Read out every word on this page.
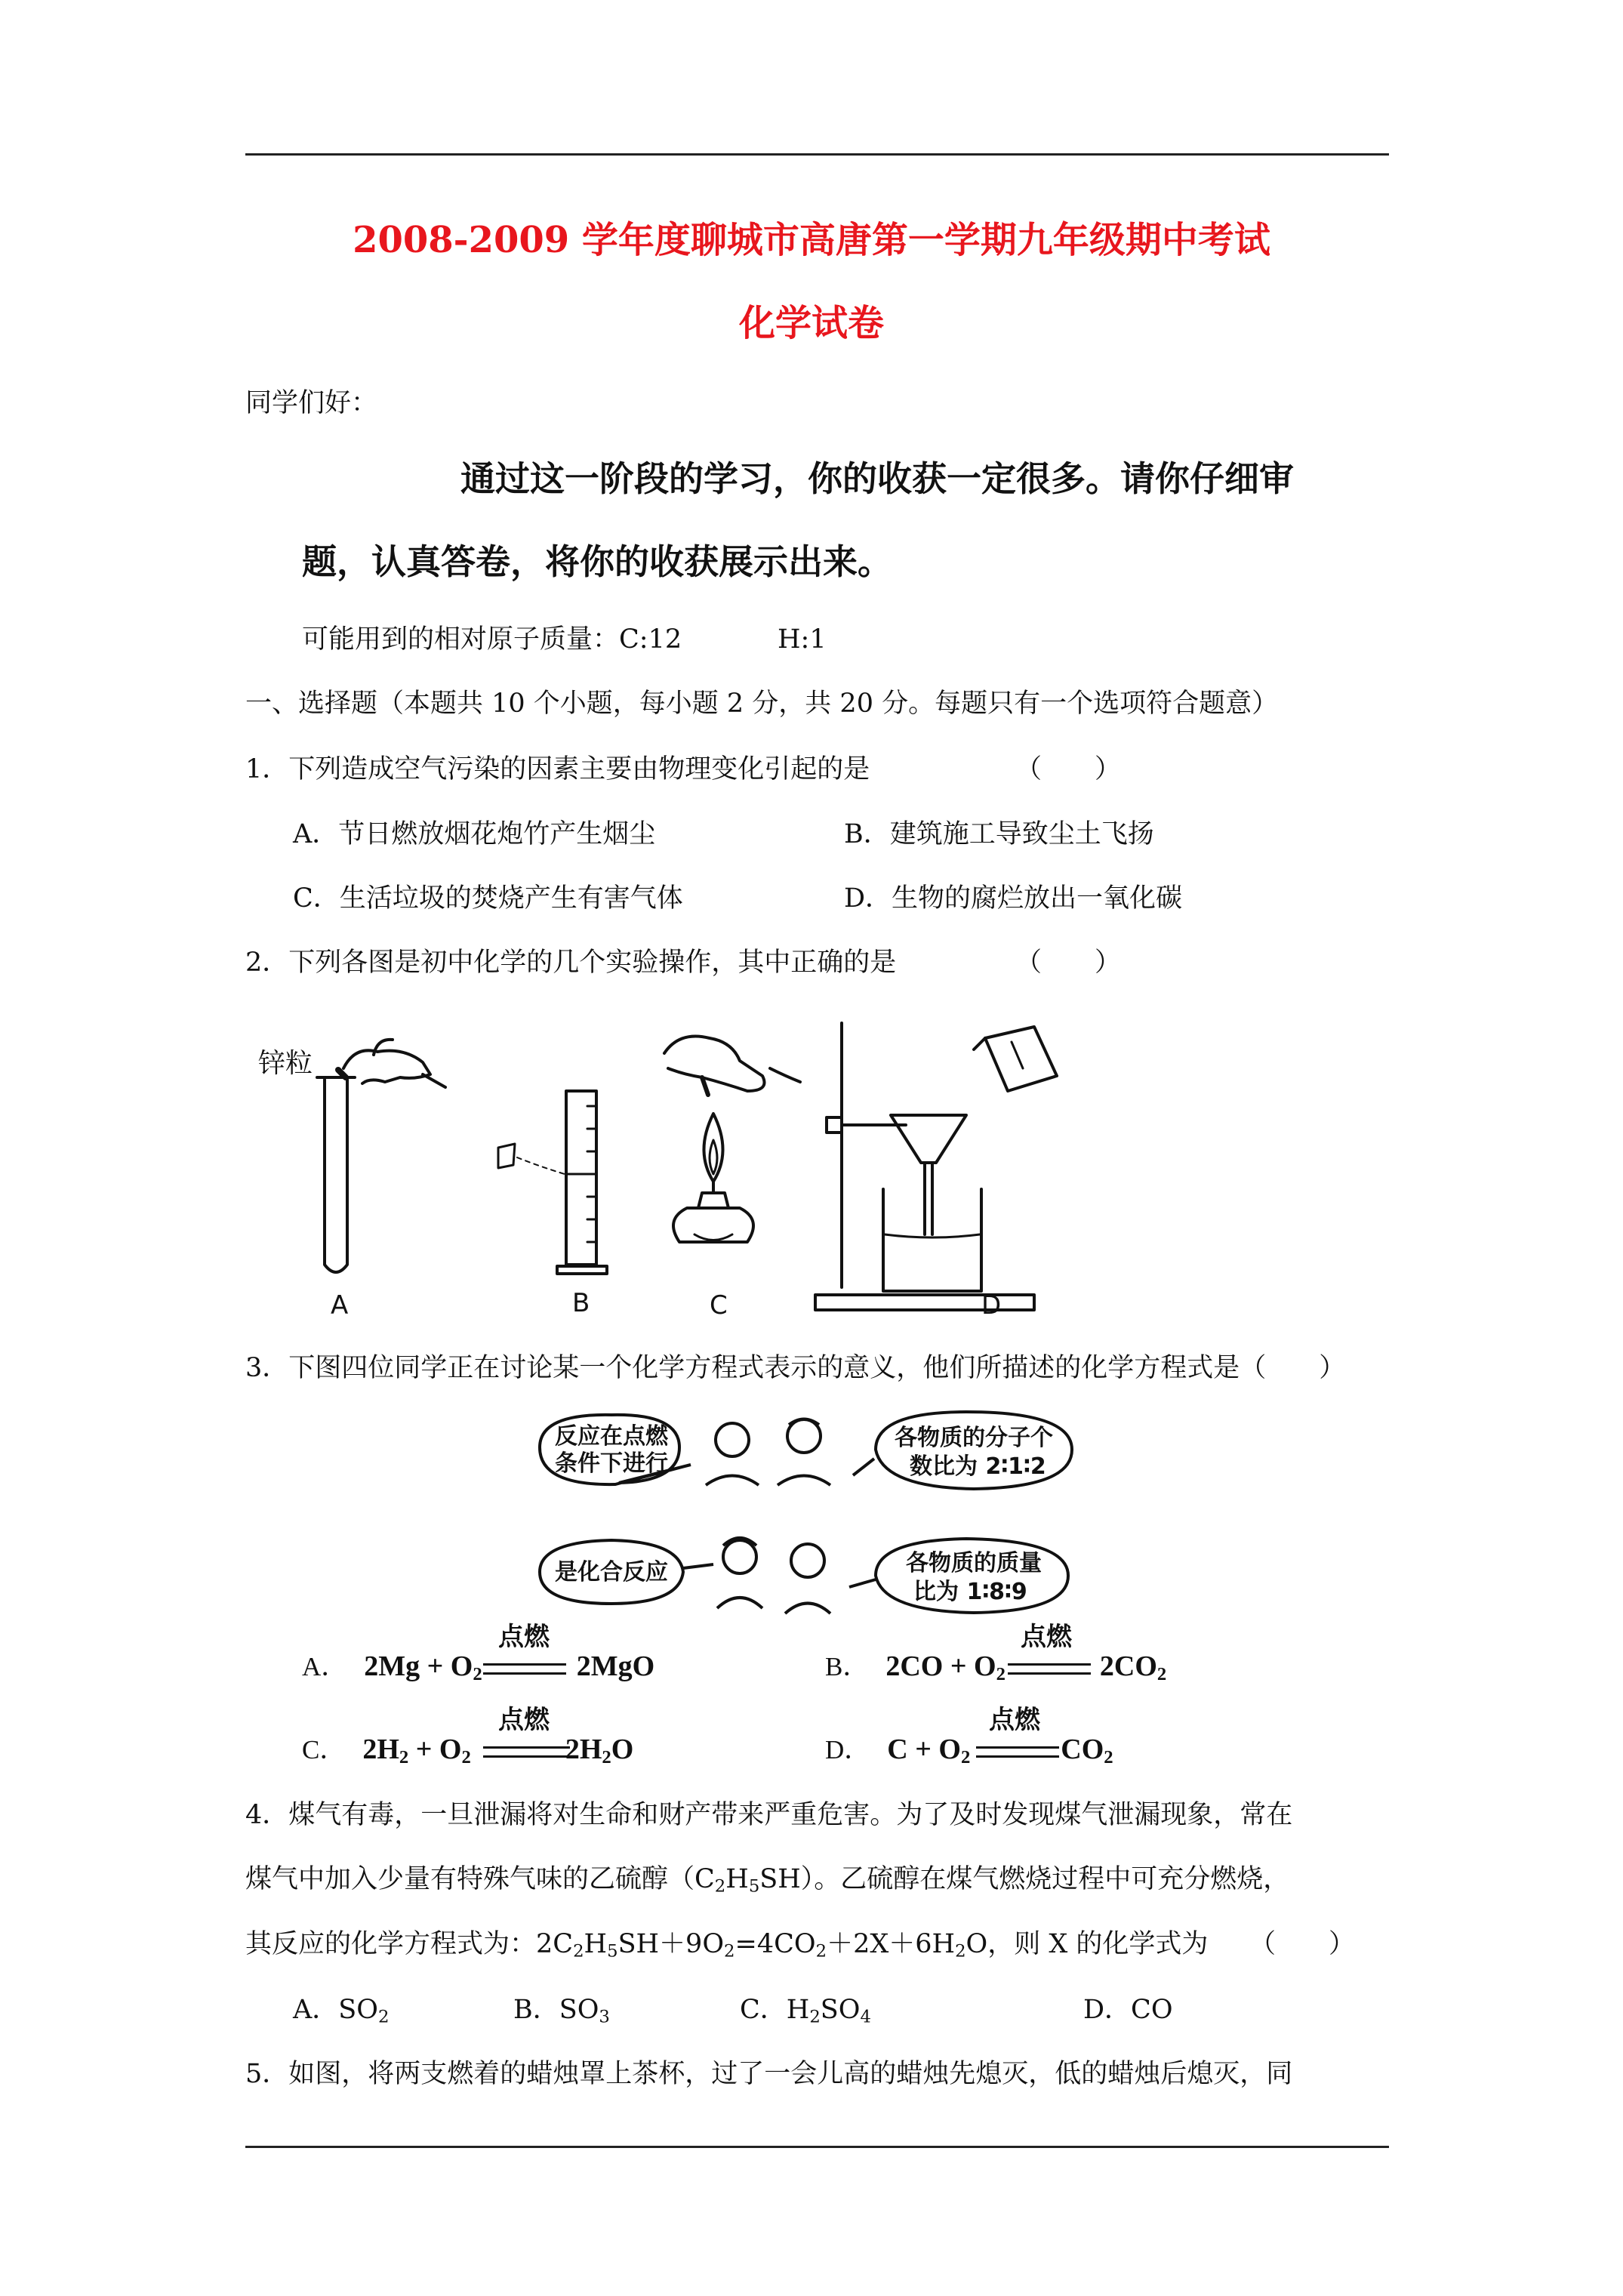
2008-2009 学年度聊城市高唐第一学期九年级期中考试
化学试卷
同学们好：
通过这一阶段的学习，你的收获一定很多。请你仔细审
题，认真答卷，将你的收获展示出来。
可能用到的相对原子质量：C:12	H:1
一、选择题（本题共 10 个小题，每小题 2 分，共 20 分。每题只有一个选项符合题意）
1．下列造成空气污染的因素主要由物理变化引起的是	（　　）
A．节日燃放烟花炮竹产生烟尘	B．建筑施工导致尘土飞扬
C．生活垃圾的焚烧产生有害气体	D．生物的腐烂放出一氧化碳
2．下列各图是初中化学的几个实验操作，其中正确的是	（　　）
锌粒
A	B	C	D
3．下图四位同学正在讨论某一个化学方程式表示的意义，他们所描述的化学方程式是（　　）
反应在点燃
条件下进行
各物质的分子个
数比为 2∶1∶2
是化合反应	各物质的质量
比为 1∶8∶9
点燃
A． $2Mg + O_2$	2MgO
点燃
B． $2CO + O_2$	$2CO_2$
点燃
C． $2H_2 + O_2$	$2H_2O$
点燃
D． $C + O_2$	$CO_2$
4．煤气有毒，一旦泄漏将对生命和财产带来严重危害。为了及时发现煤气泄漏现象，常在
煤气中加入少量有特殊气味的乙硫醇$(C_2H_5SH)$。乙硫醇在煤气燃烧过程中可充分燃烧，
其反应的化学方程式为：$2C_2H_5SH+9O_2=4CO_2+2X+6H_2O$，则 X 的化学式为 （　　）
A．$SO_2$	B．$SO_3$	C．$H_2SO_4$	D．CO
5．如图，将两支燃着的蜡烛罩上茶杯，过了一会儿高的蜡烛先熄灭，低的蜡烛后熄灭，同
